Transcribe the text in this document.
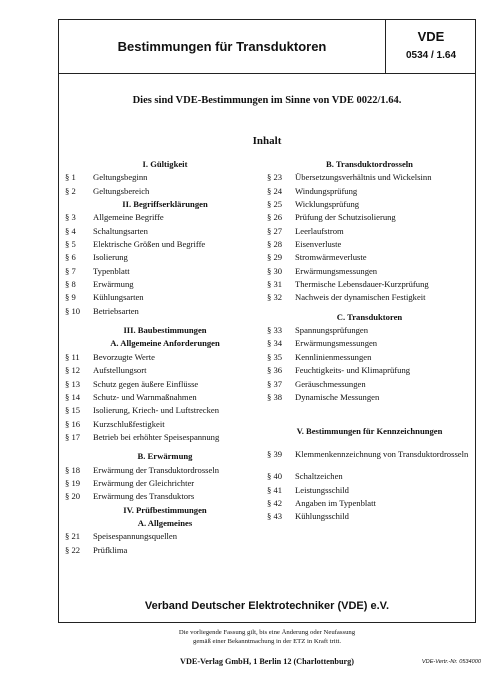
Bestimmungen für Transduktoren
VDE
0534 / 1.64
Dies sind VDE-Bestimmungen im Sinne von VDE 0022/1.64.
Inhalt
I. Gültigkeit
§ 1	Geltungsbeginn
§ 2	Geltungsbereich
II. Begriffserklärungen
§ 3	Allgemeine Begriffe
§ 4	Schaltungsarten
§ 5	Elektrische Größen und Begriffe
§ 6	Isolierung
§ 7	Typenblatt
§ 8	Erwärmung
§ 9	Kühlungsarten
§ 10	Betriebsarten
III. Baubestimmungen
A. Allgemeine Anforderungen
§ 11	Bevorzugte Werte
§ 12	Aufstellungsort
§ 13	Schutz gegen äußere Einflüsse
§ 14	Schutz- und Warnmaßnahmen
§ 15	Isolierung, Kriech- und Luftstrecken
§ 16	Kurzschlußfestigkeit
§ 17	Betrieb bei erhöhter Speisespannung
B. Erwärmung
§ 18	Erwärmung der Transduktordrosseln
§ 19	Erwärmung der Gleichrichter
§ 20	Erwärmung des Transduktors
IV. Prüfbestimmungen
A. Allgemeines
§ 21	Speisespannungsquellen
§ 22	Prüfklima
B. Transduktordrosseln
§ 23	Übersetzungsverhältnis und Wickelsinn
§ 24	Windungsprüfung
§ 25	Wicklungsprüfung
§ 26	Prüfung der Schutzisolierung
§ 27	Leerlaufstrom
§ 28	Eisenverluste
§ 29	Stromwärmeverluste
§ 30	Erwärmungsmessungen
§ 31	Thermische Lebensdauer-Kurzprüfung
§ 32	Nachweis der dynamischen Festigkeit
C. Transduktoren
§ 33	Spannungsprüfungen
§ 34	Erwärmungsmessungen
§ 35	Kennlinienmessungen
§ 36	Feuchtigkeits- und Klimaprüfung
§ 37	Geräuschmessungen
§ 38	Dynamische Messungen
V. Bestimmungen für Kennzeichnungen
§ 39	Klemmenkennzeichnung von Transduktordrosseln
§ 40	Schaltzeichen
§ 41	Leistungsschild
§ 42	Angaben im Typenblatt
§ 43	Kühlungsschild
Verband Deutscher Elektrotechniker (VDE) e.V.
Die vorliegende Fassung gilt, bis eine Änderung oder Neufassung
gemäß einer Bekanntmachung in der ETZ in Kraft tritt.
VDE-Verlag GmbH, 1 Berlin 12 (Charlottenburg)	VDE-Vertr.-Nr. 0534000
